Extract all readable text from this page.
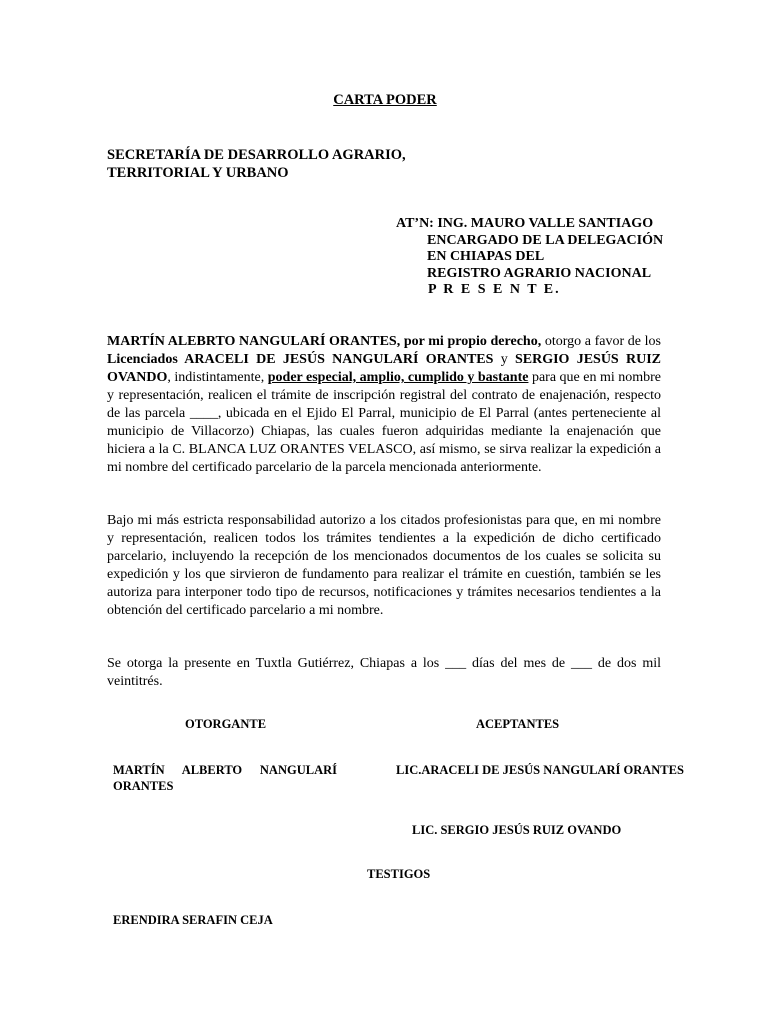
CARTA PODER

SECRETARÍA DE DESARROLLO AGRARIO,
TERRITORIAL Y URBANO
AT’N: ING. MAURO VALLE SANTIAGO

ENCARGADO DE LA DELEGACIÓN
EN CHIAPAS DEL
REGISTRO AGRARIO NACIONAL
P R E S E N T E.

MARTÍN ALEBRTO NANGULARÍ ORANTES, por mi propio derecho, otorgo a favor de los Licenciados ARACELI DE JESÚS NANGULARÍ ORANTES y SERGIO JESÚS RUIZ OVANDO, indistintamente, poder especial, amplio, cumplido y bastante para que en mi nombre y representación, realicen el trámite de inscripción registral del contrato de enajenación, respecto de las parcela ____, ubicada en el Ejido El Parral, municipio de El Parral (antes perteneciente al municipio de Villacorzo) Chiapas, las cuales fueron adquiridas mediante la enajenación que hiciera a la C. BLANCA LUZ ORANTES VELASCO, así mismo, se sirva realizar la expedición a mi nombre del certificado parcelario de la parcela mencionada anteriormente.

Bajo mi más estricta responsabilidad autorizo a los citados profesionistas para que, en mi nombre y representación, realicen todos los trámites tendientes a la expedición de dicho certificado parcelario, incluyendo la recepción de los mencionados documentos de los cuales se solicita su expedición y los que sirvieron de fundamento para realizar el trámite en cuestión, también se les autoriza para interponer todo tipo de recursos, notificaciones y trámites necesarios tendientes a la obtención del certificado parcelario a mi nombre.

Se otorga la presente en Tuxtla Gutiérrez, Chiapas a los ___ días del mes de ___ de dos mil veintitrés.

OTORGANTE	ACEPTANTES

MARTÍN ALBERTO NANGULARÍ

ORANTES

LIC.ARACELI DE JESÚS NANGULARÍ ORANTES

LIC. SERGIO JESÚS RUIZ OVANDO

TESTIGOS

ERENDIRA SERAFIN CEJA
